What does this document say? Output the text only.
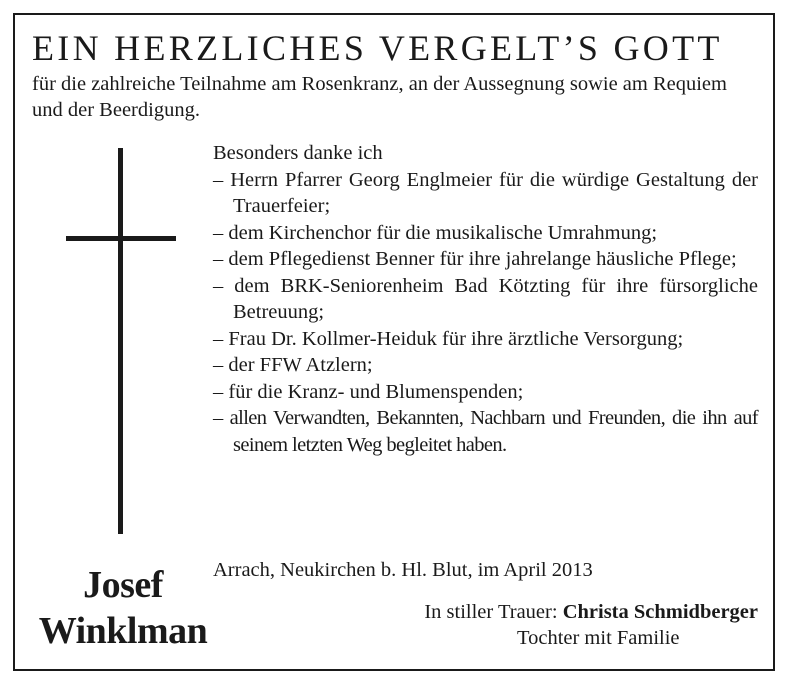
EIN HERZLICHES VERGELT’S GOTT

für die zahlreiche Teilnahme am Rosenkranz, an der Aussegnung sowie am Requiem und der Beerdigung.

Besonders danke ich

– Herrn Pfarrer Georg Englmeier für die würdige Gestaltung der Trauerfeier;
– dem Kirchenchor für die musikalische Umrahmung;
– dem Pflegedienst Benner für ihre jahrelange häusliche Pflege;
– dem BRK-Seniorenheim Bad Kötzting für ihre fürsorgliche Betreuung;
– Frau Dr. Kollmer-Heiduk für ihre ärztliche Versorgung;
– der FFW Atzlern;
– für die Kranz- und Blumenspenden;
– allen Verwandten, Bekannten, Nachbarn und Freunden, die ihn auf seinem letzten Weg begleitet haben.

Arrach, Neukirchen b. Hl. Blut, im April 2013

Josef
Winklman	In stiller Trauer: Christa Schmidberger
Tochter mit Familie
